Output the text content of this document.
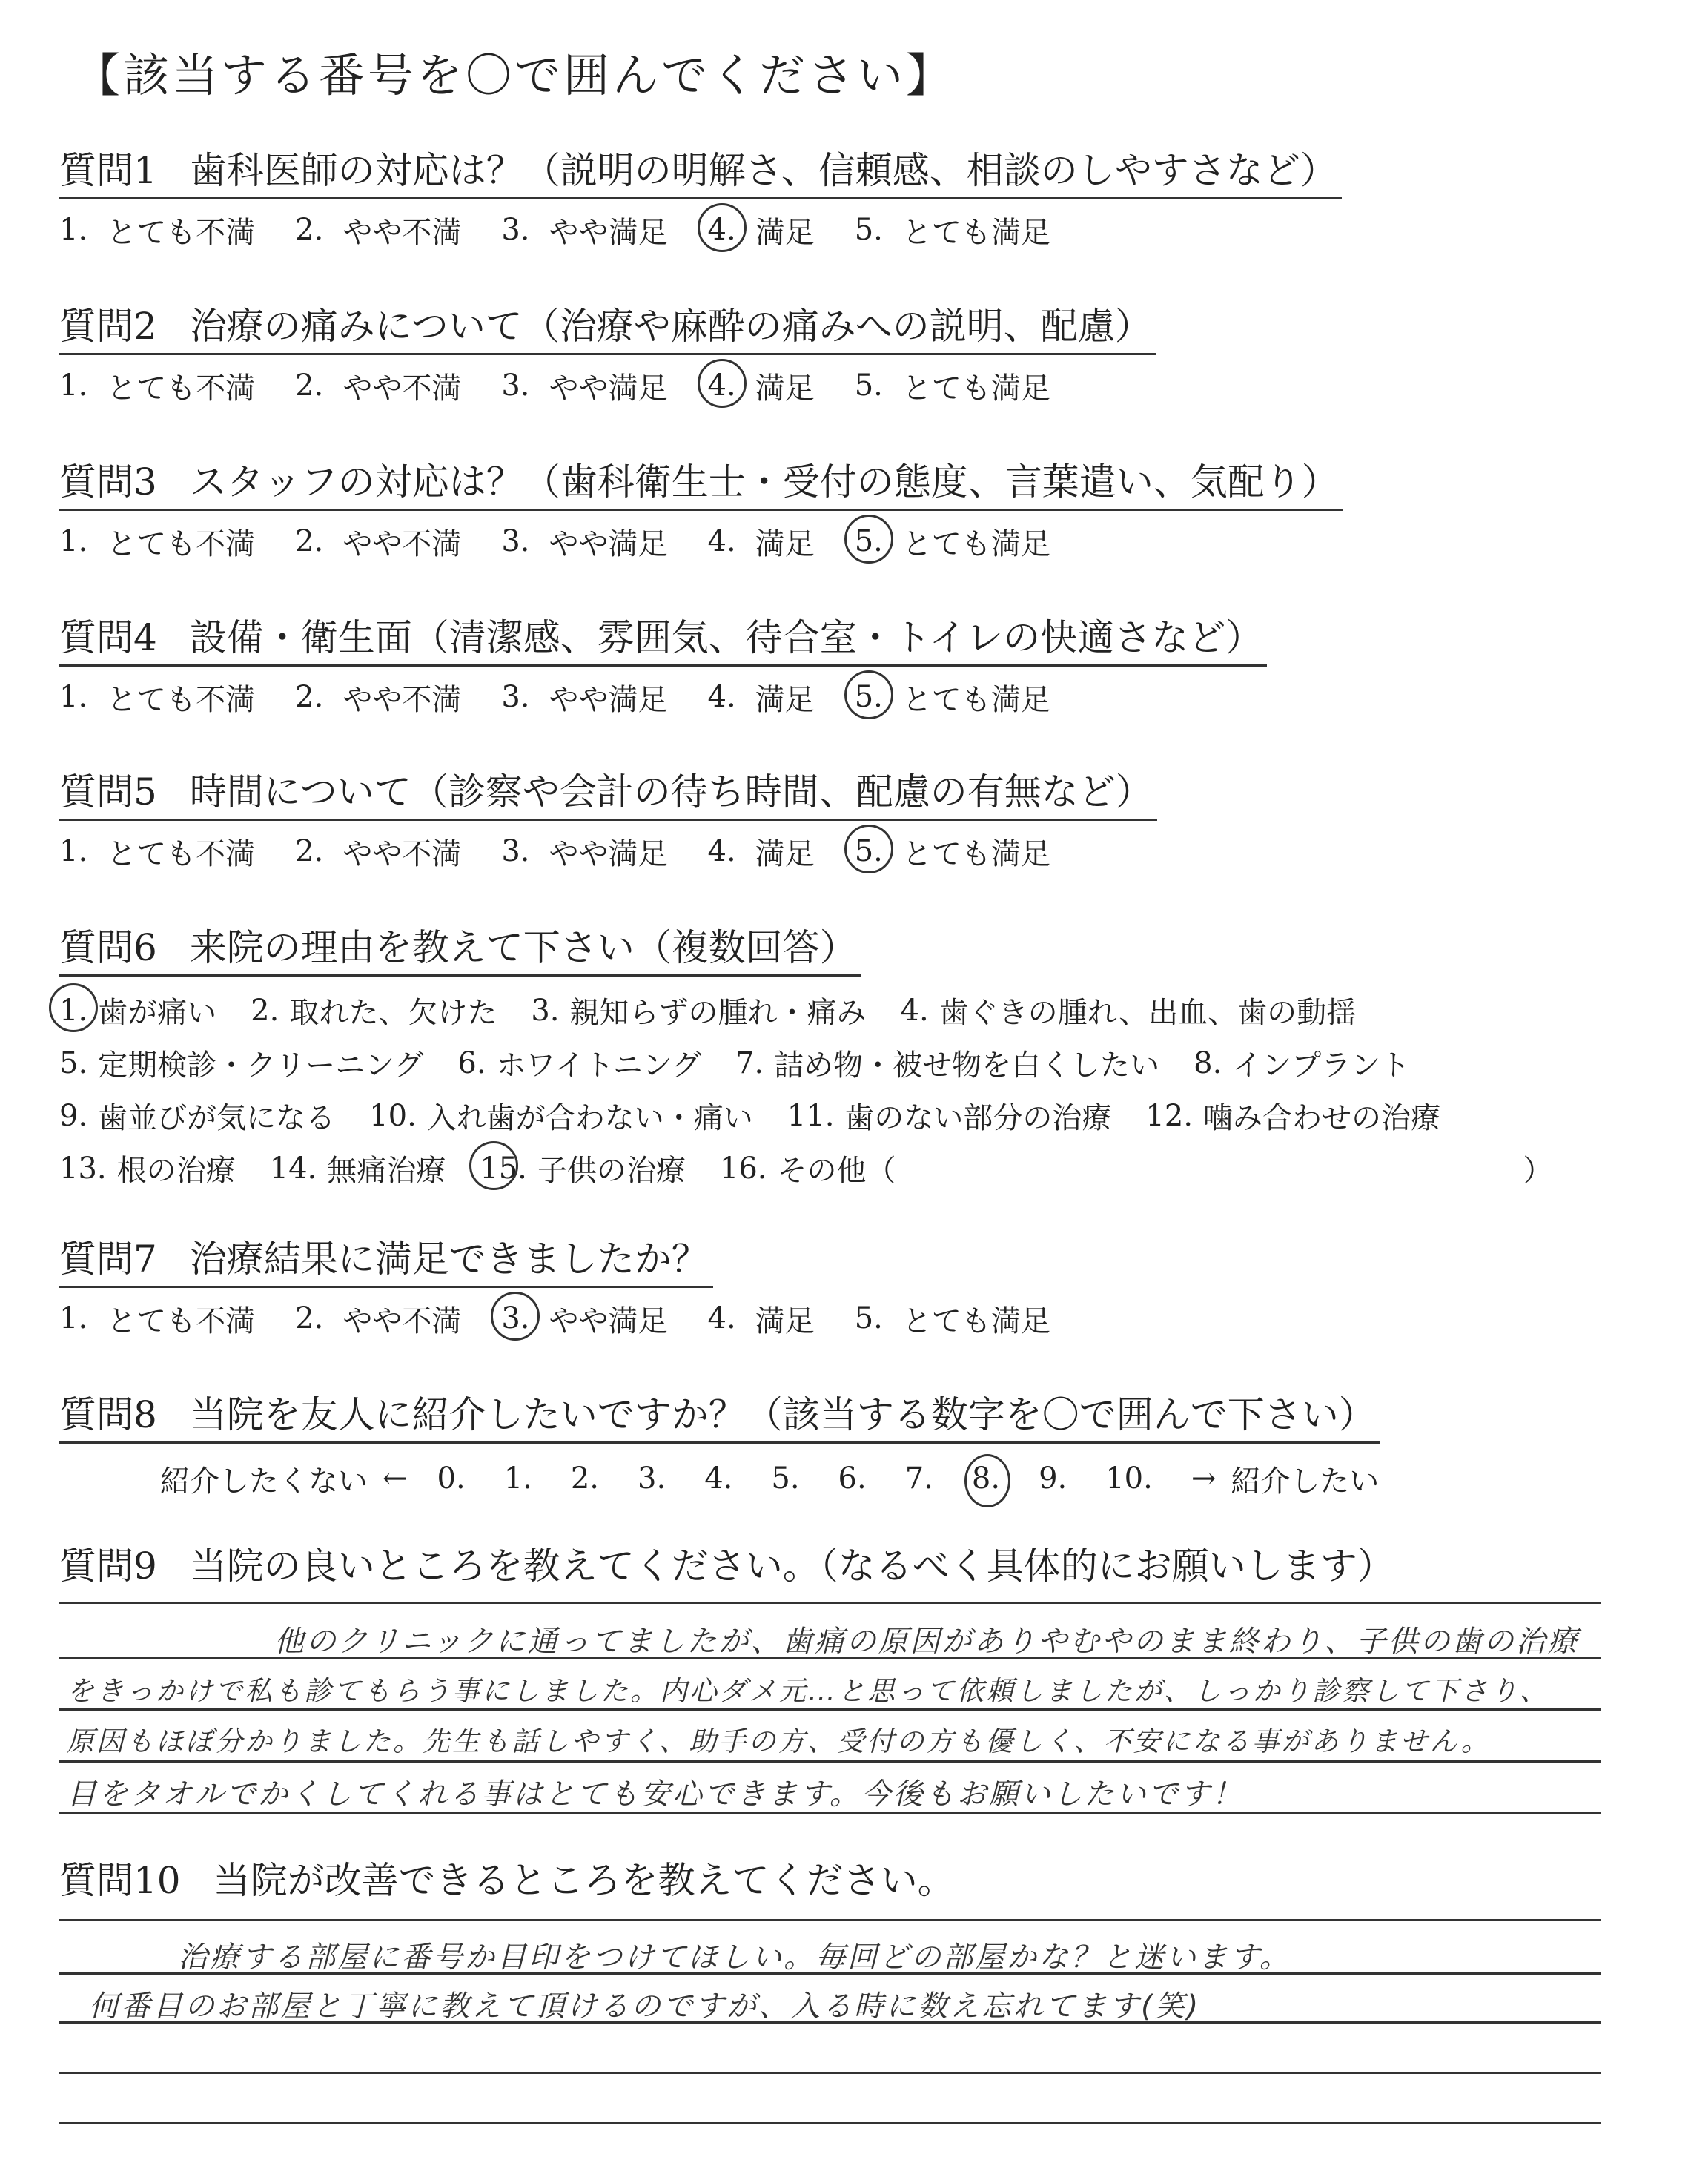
【該当する番号を〇で囲んでください】
質問1 歯科医師の対応は？（説明の明解さ、信頼感、相談のしやすさなど）
1. とても不満 2. やや不満 3. やや満足 4. 満足 5. とても満足
質問2 治療の痛みについて（治療や麻酔の痛みへの説明、配慮）
1. とても不満 2. やや不満 3. やや満足 4. 満足 5. とても満足
質問3 スタッフの対応は？（歯科衛生士・受付の態度、言葉遣い、気配り）
1. とても不満 2. やや不満 3. やや満足 4. 満足 5. とても満足
質問4 設備・衛生面（清潔感、雰囲気、待合室・トイレの快適さなど）
1. とても不満 2. やや不満 3. やや満足 4. 満足 5. とても満足
質問5 時間について（診察や会計の待ち時間、配慮の有無など）
1. とても不満 2. やや不満 3. やや満足 4. 満足 5. とても満足
質問6 来院の理由を教えて下さい（複数回答）
1. 歯が痛い 2. 取れた、欠けた 3. 親知らずの腫れ・痛み 4. 歯ぐきの腫れ、出血、歯の動揺
5. 定期検診・クリーニング 6. ホワイトニング 7. 詰め物・被せ物を白くしたい 8. インプラント
9. 歯並びが気になる 10. 入れ歯が合わない・痛い 11. 歯のない部分の治療 12. 噛み合わせの治療
13. 根の治療 14. 無痛治療 15. 子供の治療 16. その他（	）
質問7 治療結果に満足できましたか？
1. とても不満 2. やや不満 3. やや満足 4. 満足 5. とても満足
質問8 当院を友人に紹介したいですか？（該当する数字を〇で囲んで下さい）
紹介したくない ← 0. 1. 2. 3. 4. 5. 6. 7. 8. 9. 10. → 紹介したい
質問9 当院の良いところを教えてください。（なるべく具体的にお願いします）
他のクリニックに通ってましたが、歯痛の原因がありやむやのまま終わり、子供の歯の治療
をきっかけで私も診てもらう事にしました。内心ダメ元…と思って依頼しましたが、しっかり診察して下さり、
原因もほぼ分かりました。先生も話しやすく、助手の方、受付の方も優しく、不安になる事がありません。
目をタオルでかくしてくれる事はとても安心できます。今後もお願いしたいです！
質問10 当院が改善できるところを教えてください。
治療する部屋に番号か目印をつけてほしい。毎回どの部屋かな？と迷います。
何番目のお部屋と丁寧に教えて頂けるのですが、入る時に数え忘れてます(笑)
